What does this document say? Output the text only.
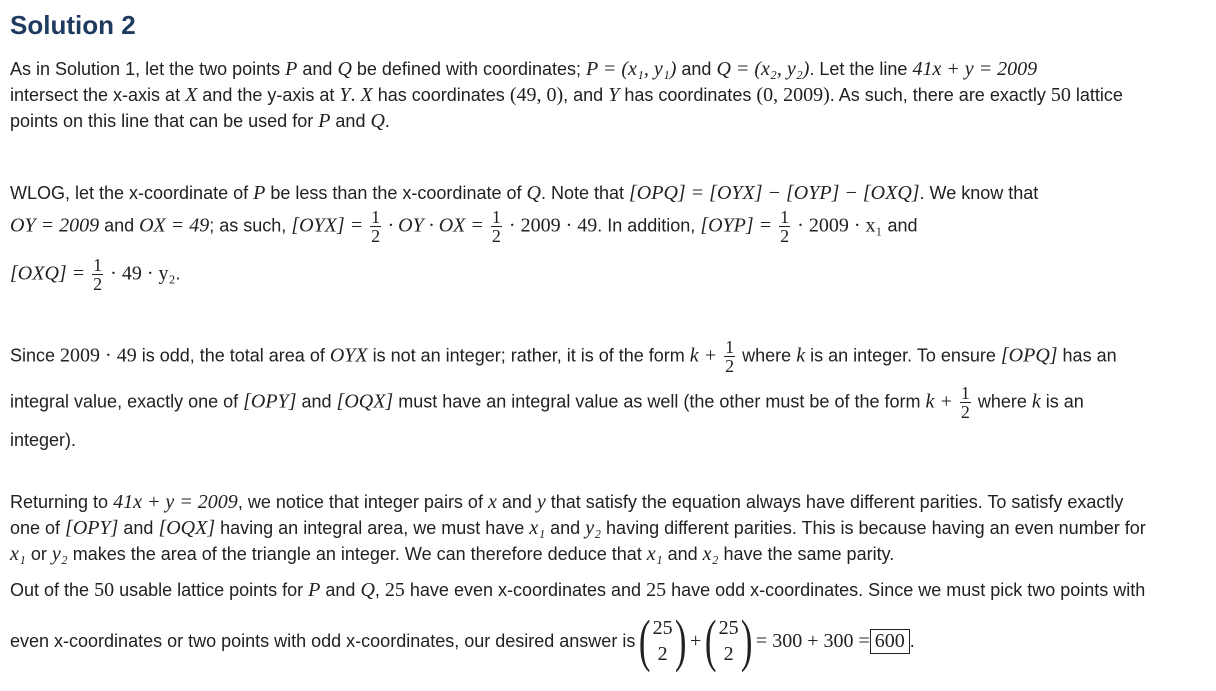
Solution 2
As in Solution 1, let the two points P and Q be defined with coordinates; P = (x₁, y₁) and Q = (x₂, y₂). Let the line 41x + y = 2009
intersect the x-axis at X and the y-axis at Y. X has coordinates (49, 0), and Y has coordinates (0, 2009). As such, there are exactly 50 lattice
points on this line that can be used for P and Q.
WLOG, let the x-coordinate of P be less than the x-coordinate of Q. Note that [OPQ] = [OYX] − [OYP] − [OXQ]. We know that
OY = 2009 and OX = 49; as such, $[OYX] = \frac{1}{2}$ · OY · OX = $\frac{1}{2} \cdot 2009 \cdot 49$. In addition, $[OYP] = \frac{1}{2} \cdot 2009 \cdot x_1$ and
$[OXQ] = \frac{1}{2} \cdot 49 \cdot y_2$.
Since 2009 · 49 is odd, the total area of OYX is not an integer; rather, it is of the form $k + \frac{1}{2}$ where k is an integer. To ensure [OPQ] has an
integral value, exactly one of [OPY] and [OQX] must have an integral value as well (the other must be of the form $k + \frac{1}{2}$ where k is an
integer).
Returning to 41x + y = 2009, we notice that integer pairs of x and y that satisfy the equation always have different parities. To satisfy exactly
one of [OPY] and [OQX] having an integral area, we must have x₁ and y₂ having different parities. This is because having an even number for
x₁ or y₂ makes the area of the triangle an integer. We can therefore deduce that x₁ and x₂ have the same parity.
Out of the 50 usable lattice points for P and Q, 25 have even x-coordinates and 25 have odd x-coordinates. Since we must pick two points with
even x-coordinates or two points with odd x-coordinates, our desired answer is ( 25
2 ) + ( 25
2 ) = 300 + 300 = 600 .
